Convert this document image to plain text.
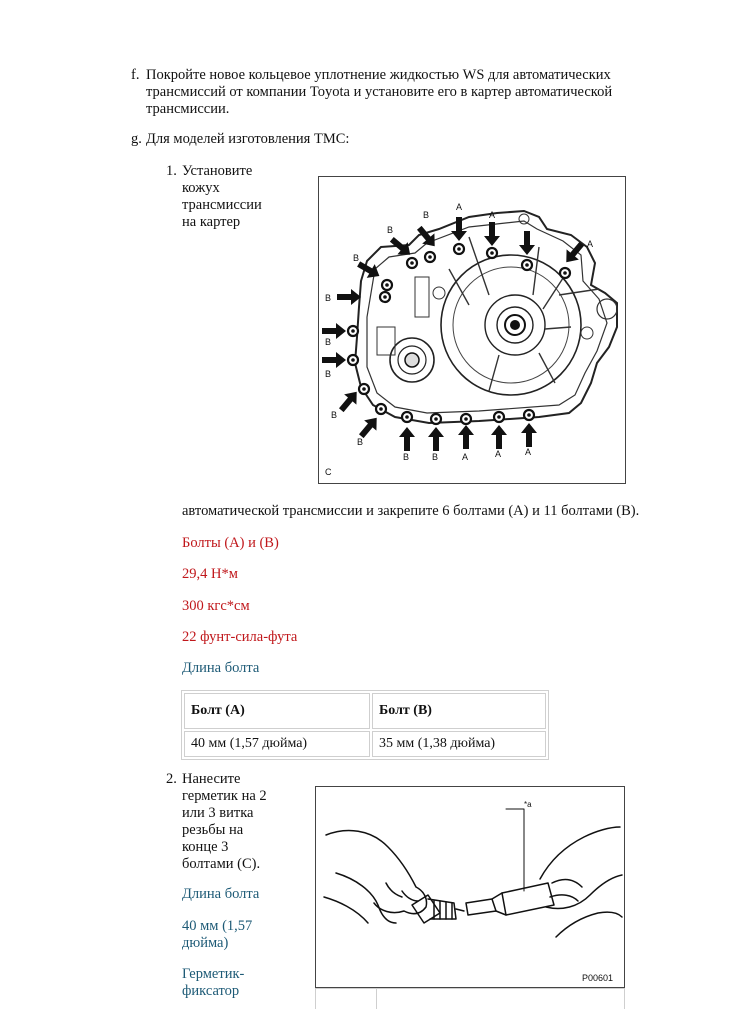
f. Покройте новое кольцевое уплотнение жидкостью WS для автоматических
трансмиссий от компании Toyota и установите его в картер автоматической
трансмиссии.
g. Для моделей изготовления TMC:
1. Установите
кожух
трансмиссии
на картер
A
A
A
A	A	A
B
B
B
B
B
B
B
B
B	B
C
автоматической трансмиссии и закрепите 6 болтами (A) и 11 болтами (B).
Болты (A) и (B)
29,4 Н*м
300 кгс*см
22 фунт-сила-фута
Длина болта
Болт (A)	Болт (B)
40 мм (1,57 дюйма)	35 мм (1,38 дюйма)
2. Нанесите
герметик на 2
или 3 витка
резьбы на
конце 3
болтами (C).
Длина болта
40 мм (1,57
дюйма)
Герметик-
фиксатор
*a
P00601
